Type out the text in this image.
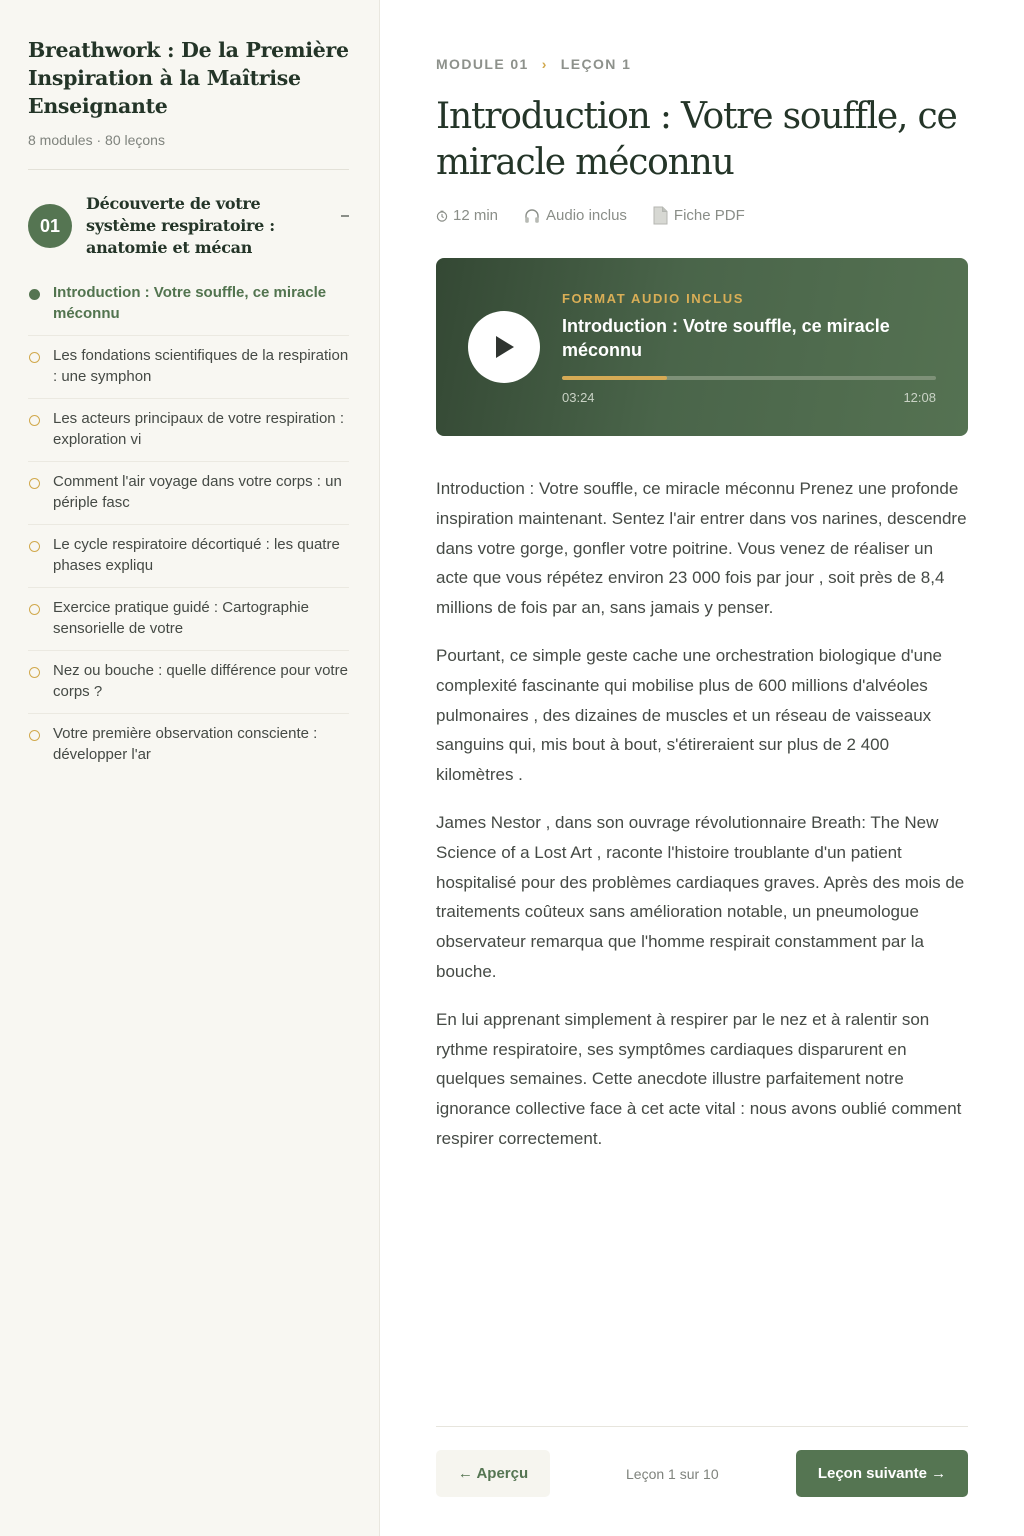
Breathwork : De la Première Inspiration à la Maîtrise Enseignante
8 modules · 80 leçons
01
Découverte de votre système respiratoire : anatomie et mécan
Introduction : Votre souffle, ce miracle méconnu
Les fondations scientifiques de la respiration : une symphon
Les acteurs principaux de votre respiration : exploration vi
Comment l'air voyage dans votre corps : un périple fasc
Le cycle respiratoire décortiqué : les quatre phases expliqu
Exercice pratique guidé : Cartographie sensorielle de votre
Nez ou bouche : quelle différence pour votre corps ?
Votre première observation consciente : développer l'ar
MODULE 01 › LEÇON 1
Introduction : Votre souffle, ce miracle méconnu
12 min	Audio inclus	Fiche PDF
FORMAT AUDIO INCLUS
Introduction : Votre souffle, ce miracle méconnu
03:24	12:08

Introduction : Votre souffle, ce miracle méconnu Prenez une profonde inspiration maintenant. Sentez l'air entrer dans vos narines, descendre dans votre gorge, gonfler votre poitrine. Vous venez de réaliser un acte que vous répétez environ 23 000 fois par jour , soit près de 8,4 millions de fois par an, sans jamais y penser.

Pourtant, ce simple geste cache une orchestration biologique d'une complexité fascinante qui mobilise plus de 600 millions d'alvéoles pulmonaires , des dizaines de muscles et un réseau de vaisseaux sanguins qui, mis bout à bout, s'étireraient sur plus de 2 400 kilomètres .

James Nestor , dans son ouvrage révolutionnaire Breath: The New Science of a Lost Art , raconte l'histoire troublante d'un patient hospitalisé pour des problèmes cardiaques graves. Après des mois de traitements coûteux sans amélioration notable, un pneumologue observateur remarqua que l'homme respirait constamment par la bouche.

En lui apprenant simplement à respirer par le nez et à ralentir son rythme respiratoire, ses symptômes cardiaques disparurent en quelques semaines. Cette anecdote illustre parfaitement notre ignorance collective face à cet acte vital : nous avons oublié comment respirer correctement.

← Aperçu	Leçon 1 sur 10	Leçon suivante →
